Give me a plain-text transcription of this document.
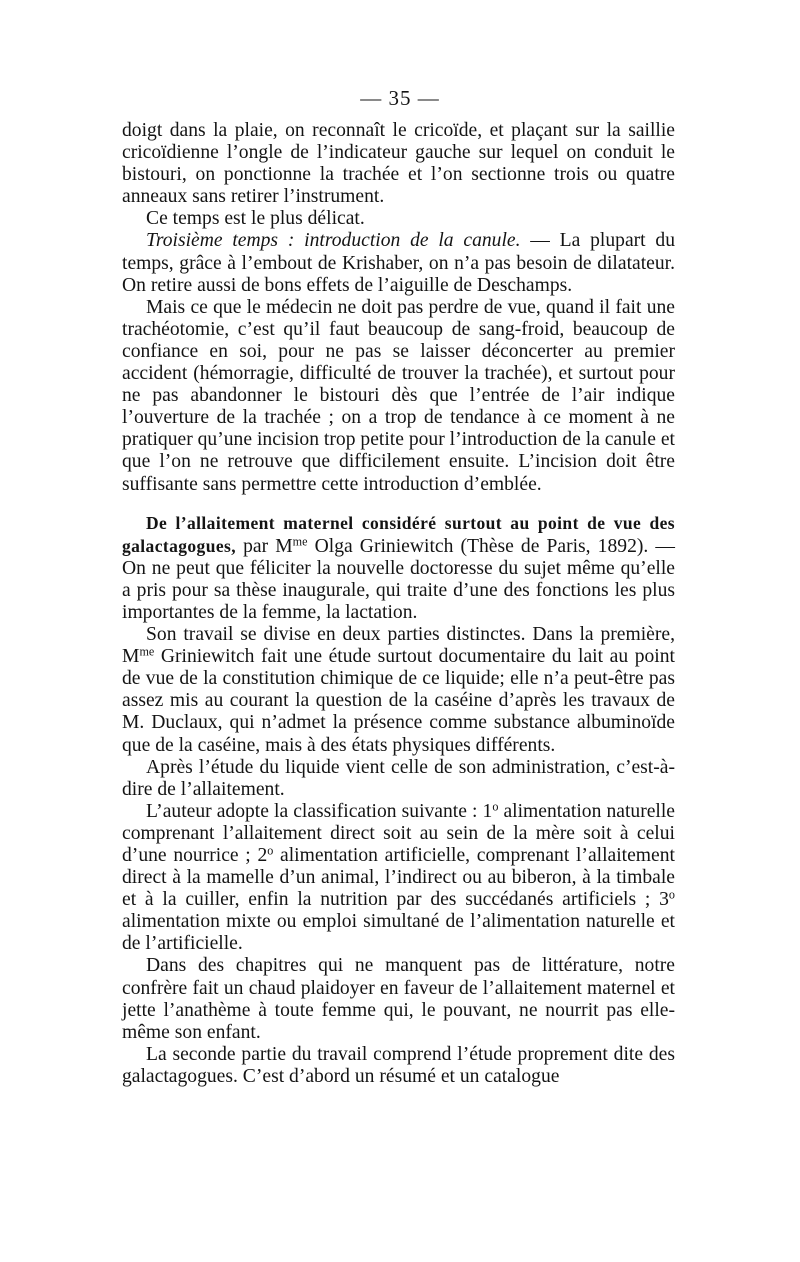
— 35 —

doigt dans la plaie, on reconnaît le cricoïde, et plaçant sur la saillie cricoïdienne l’ongle de l’indicateur gauche sur lequel on conduit le bistouri, on ponctionne la trachée et l’on sectionne trois ou quatre anneaux sans retirer l’instrument.

Ce temps est le plus délicat.

Troisième temps : introduction de la canule. — La plupart du temps, grâce à l’embout de Krishaber, on n’a pas besoin de dilatateur. On retire aussi de bons effets de l’aiguille de Deschamps.

Mais ce que le médecin ne doit pas perdre de vue, quand il fait une trachéotomie, c’est qu’il faut beaucoup de sang-froid, beaucoup de confiance en soi, pour ne pas se laisser déconcerter au premier accident (hémorragie, difficulté de trouver la trachée), et surtout pour ne pas abandonner le bistouri dès que l’entrée de l’air indique l’ouverture de la trachée ; on a trop de tendance à ce moment à ne pratiquer qu’une incision trop petite pour l’introduction de la canule et que l’on ne retrouve que difficilement ensuite. L’incision doit être suffisante sans permettre cette introduction d’emblée.

De l’allaitement maternel considéré surtout au point de vue des galactagogues, par $M^{me}$ Olga Griniewitch (Thèse de Paris, 1892). — On ne peut que féliciter la nouvelle doctoresse du sujet même qu’elle a pris pour sa thèse inaugurale, qui traite d’une des fonctions les plus importantes de la femme, la lactation.

Son travail se divise en deux parties distinctes. Dans la première, $M^{me}$ Griniewitch fait une étude surtout documentaire du lait au point de vue de la constitution chimique de ce liquide; elle n’a peut-être pas assez mis au courant la question de la caséine d’après les travaux de M. Duclaux, qui n’admet la présence comme substance albuminoïde que de la caséine, mais à des états physiques différents.

Après l’étude du liquide vient celle de son administration, c’est-à-dire de l’allaitement.

L’auteur adopte la classification suivante : 1$^o$ alimentation naturelle comprenant l’allaitement direct soit au sein de la mère soit à celui d’une nourrice ; 2$^o$ alimentation artificielle, comprenant l’allaitement direct à la mamelle d’un animal, l’indirect ou au biberon, à la timbale et à la cuiller, enfin la nutrition par des succédanés artificiels ; 3$^o$ alimentation mixte ou emploi simultané de l’alimentation naturelle et de l’artificielle.

Dans des chapitres qui ne manquent pas de littérature, notre confrère fait un chaud plaidoyer en faveur de l’allaitement maternel et jette l’anathème à toute femme qui, le pouvant, ne nourrit pas elle-même son enfant.

La seconde partie du travail comprend l’étude proprement dite des galactagogues. C’est d’abord un résumé et un catalogue
